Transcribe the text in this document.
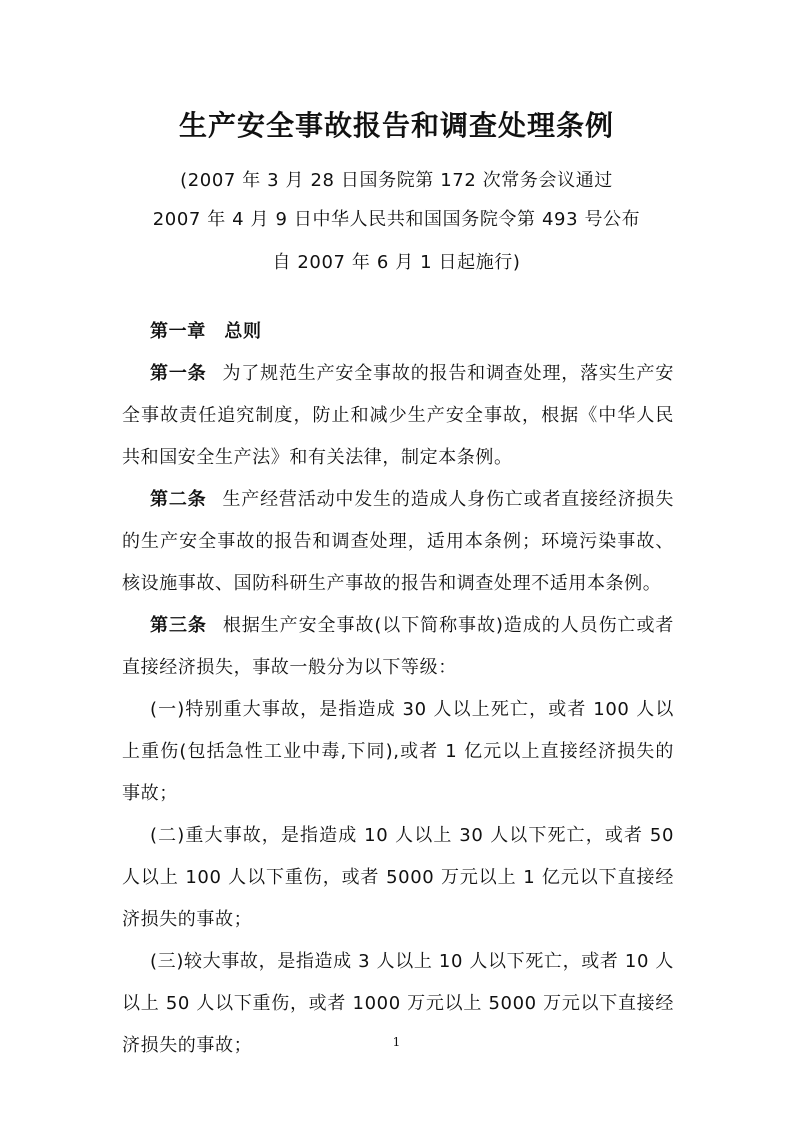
生产安全事故报告和调查处理条例
(2007 年 3 月 28 日国务院第 172 次常务会议通过
2007 年 4 月 9 日中华人民共和国国务院令第 493 号公布
自 2007 年 6 月 1 日起施行)

第一章　总则

第一条 为了规范生产安全事故的报告和调查处理，落实生产安全事故责任追究制度，防止和减少生产安全事故，根据《中华人民共和国安全生产法》和有关法律，制定本条例。

第二条 生产经营活动中发生的造成人身伤亡或者直接经济损失的生产安全事故的报告和调查处理，适用本条例；环境污染事故、核设施事故、国防科研生产事故的报告和调查处理不适用本条例。

第三条 根据生产安全事故(以下简称事故)造成的人员伤亡或者直接经济损失，事故一般分为以下等级：

(一)特别重大事故，是指造成 30 人以上死亡，或者 100 人以上重伤(包括急性工业中毒,下同),或者 1 亿元以上直接经济损失的事故；

(二)重大事故，是指造成 10 人以上 30 人以下死亡，或者 50 人以上 100 人以下重伤，或者 5000 万元以上 1 亿元以下直接经济损失的事故；

(三)较大事故，是指造成 3 人以上 10 人以下死亡，或者 10 人以上 50 人以下重伤，或者 1000 万元以上 5000 万元以下直接经济损失的事故；	1
